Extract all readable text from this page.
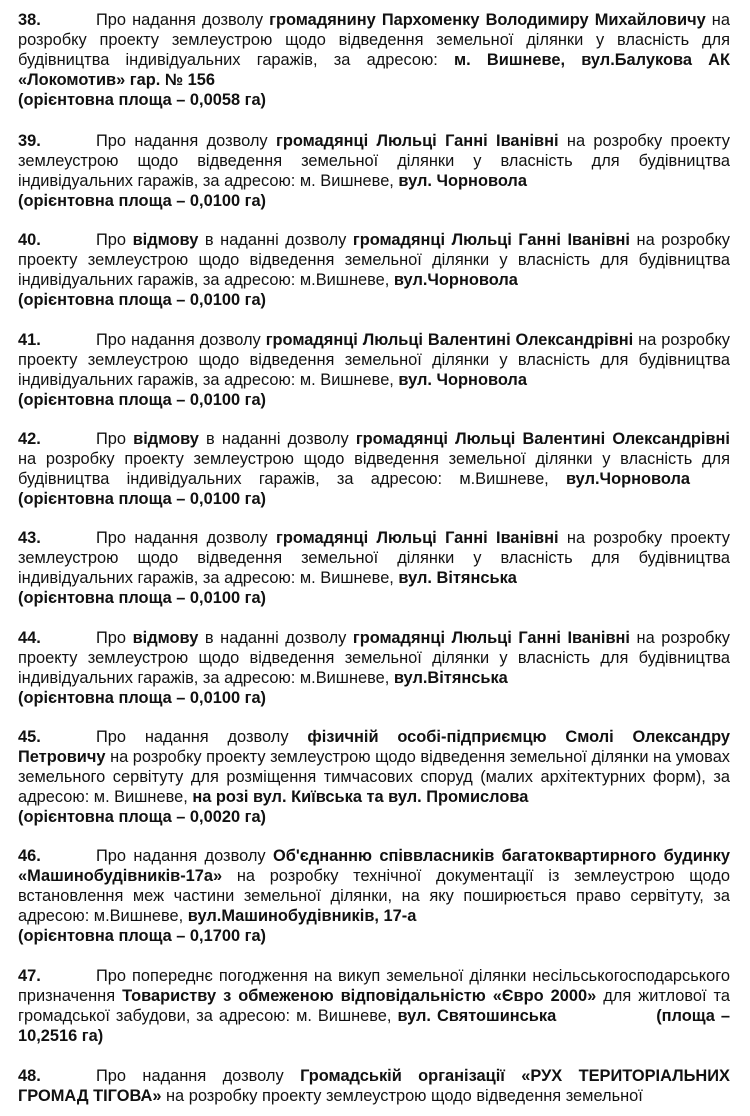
38.	Про надання дозволу громадянину Пархоменку Володимиру Михайловичу на розробку проекту землеустрою щодо відведення земельної ділянки у власність для будівництва індивідуальних гаражів, за адресою: м. Вишневе, вул.Балукова АК «Локомотив» гар. № 156
(орієнтовна площа – 0,0058 га)
39.	Про надання дозволу громадянці Люльці Ганні Іванівні на розробку проекту землеустрою щодо відведення земельної ділянки у власність для будівництва індивідуальних гаражів, за адресою: м. Вишневе, вул. Чорновола
(орієнтовна площа – 0,0100 га)
40.	Про відмову в наданні дозволу громадянці Люльці Ганні Іванівні на розробку проекту землеустрою щодо відведення земельної ділянки у власність для будівництва індивідуальних гаражів, за адресою: м.Вишневе, вул.Чорновола
(орієнтовна площа – 0,0100 га)
41.	Про надання дозволу громадянці Люльці Валентині Олександрівні на розробку проекту землеустрою щодо відведення земельної ділянки у власність для будівництва індивідуальних гаражів, за адресою: м. Вишневе, вул. Чорновола
(орієнтовна площа – 0,0100 га)
42.	Про відмову в наданні дозволу громадянці Люльці Валентині Олександрівні на розробку проекту землеустрою щодо відведення земельної ділянки у власність для будівництва індивідуальних гаражів, за адресою: м.Вишневе, вул.Чорновола(орієнтовна площа – 0,0100 га)
43.	Про надання дозволу громадянці Люльці Ганні Іванівні на розробку проекту землеустрою щодо відведення земельної ділянки у власність для будівництва індивідуальних гаражів, за адресою: м. Вишневе, вул. Вітянська
(орієнтовна площа – 0,0100 га)
44.	Про відмову в наданні дозволу громадянці Люльці Ганні Іванівні на розробку проекту землеустрою щодо відведення земельної ділянки у власність для будівництва індивідуальних гаражів, за адресою: м.Вишневе, вул.Вітянська
(орієнтовна площа – 0,0100 га)
45.	Про надання дозволу фізичній особі-підприємцю Смолі Олександру Петровичу на розробку проекту землеустрою щодо відведення земельної ділянки на умовах земельного сервітуту для розміщення тимчасових споруд (малих архітектурних форм), за адресою: м. Вишневе, на розі вул. Київська та вул. Промислова
(орієнтовна площа – 0,0020 га)
46.	Про надання дозволу Об'єднанню співвласників багатоквартирного будинку «Машинобудівників-17а» на розробку технічної документації із землеустрою щодо встановлення меж частини земельної ділянки, на яку поширюється право сервітуту, за адресою: м.Вишневе, вул.Машинобудівників, 17-а
(орієнтовна площа – 0,1700 га)
47.	Про попереднє погодження на викуп земельної ділянки несільськогосподарського призначення Товариству з обмеженою відповідальністю «Євро 2000» для житлової та громадської забудови, за адресою: м. Вишневе, вул. Святошинська	(площа – 10,2516 га)
48.	Про надання дозволу Громадській організації «РУХ ТЕРИТОРІАЛЬНИХ ГРОМАД ТІГОВА» на розробку проекту землеустрою щодо відведення земельної
